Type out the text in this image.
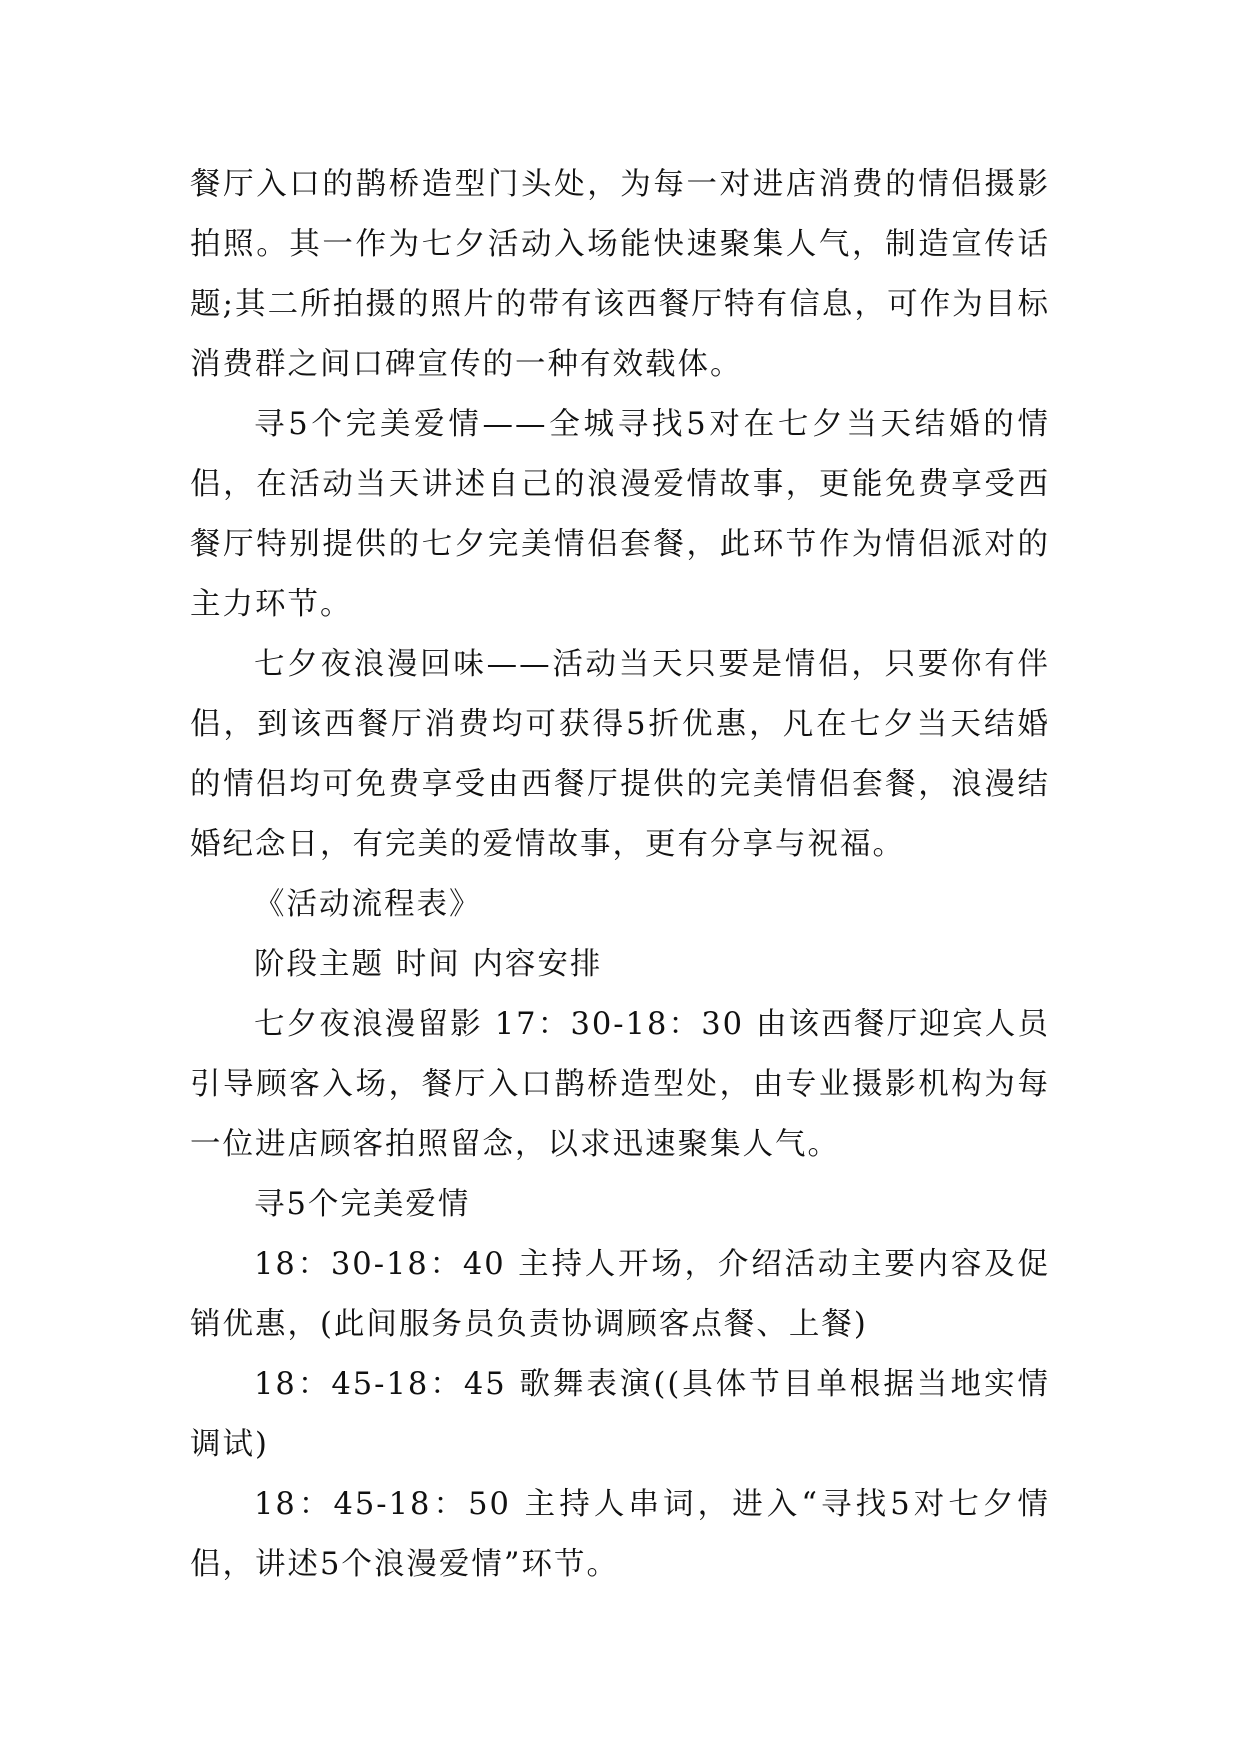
餐厅入口的鹊桥造型门头处，为每一对进店消费的情侣摄影拍照。其一作为七夕活动入场能快速聚集人气，制造宣传话题;其二所拍摄的照片的带有该西餐厅特有信息，可作为目标消费群之间口碑宣传的一种有效载体。

寻5个完美爱情——全城寻找5对在七夕当天结婚的情侣，在活动当天讲述自己的浪漫爱情故事，更能免费享受西餐厅特别提供的七夕完美情侣套餐，此环节作为情侣派对的主力环节。

七夕夜浪漫回味——活动当天只要是情侣，只要你有伴侣，到该西餐厅消费均可获得5折优惠，凡在七夕当天结婚的情侣均可免费享受由西餐厅提供的完美情侣套餐，浪漫结婚纪念日，有完美的爱情故事，更有分享与祝福。

《活动流程表》

阶段主题 时间 内容安排

七夕夜浪漫留影 17：30-18：30 由该西餐厅迎宾人员引导顾客入场，餐厅入口鹊桥造型处，由专业摄影机构为每一位进店顾客拍照留念，以求迅速聚集人气。

寻5个完美爱情

18：30-18：40 主持人开场，介绍活动主要内容及促销优惠，(此间服务员负责协调顾客点餐、上餐)

18：45-18：45 歌舞表演((具体节目单根据当地实情调试)

18：45-18：50 主持人串词，进入“寻找5对七夕情侣，讲述5个浪漫爱情”环节。
